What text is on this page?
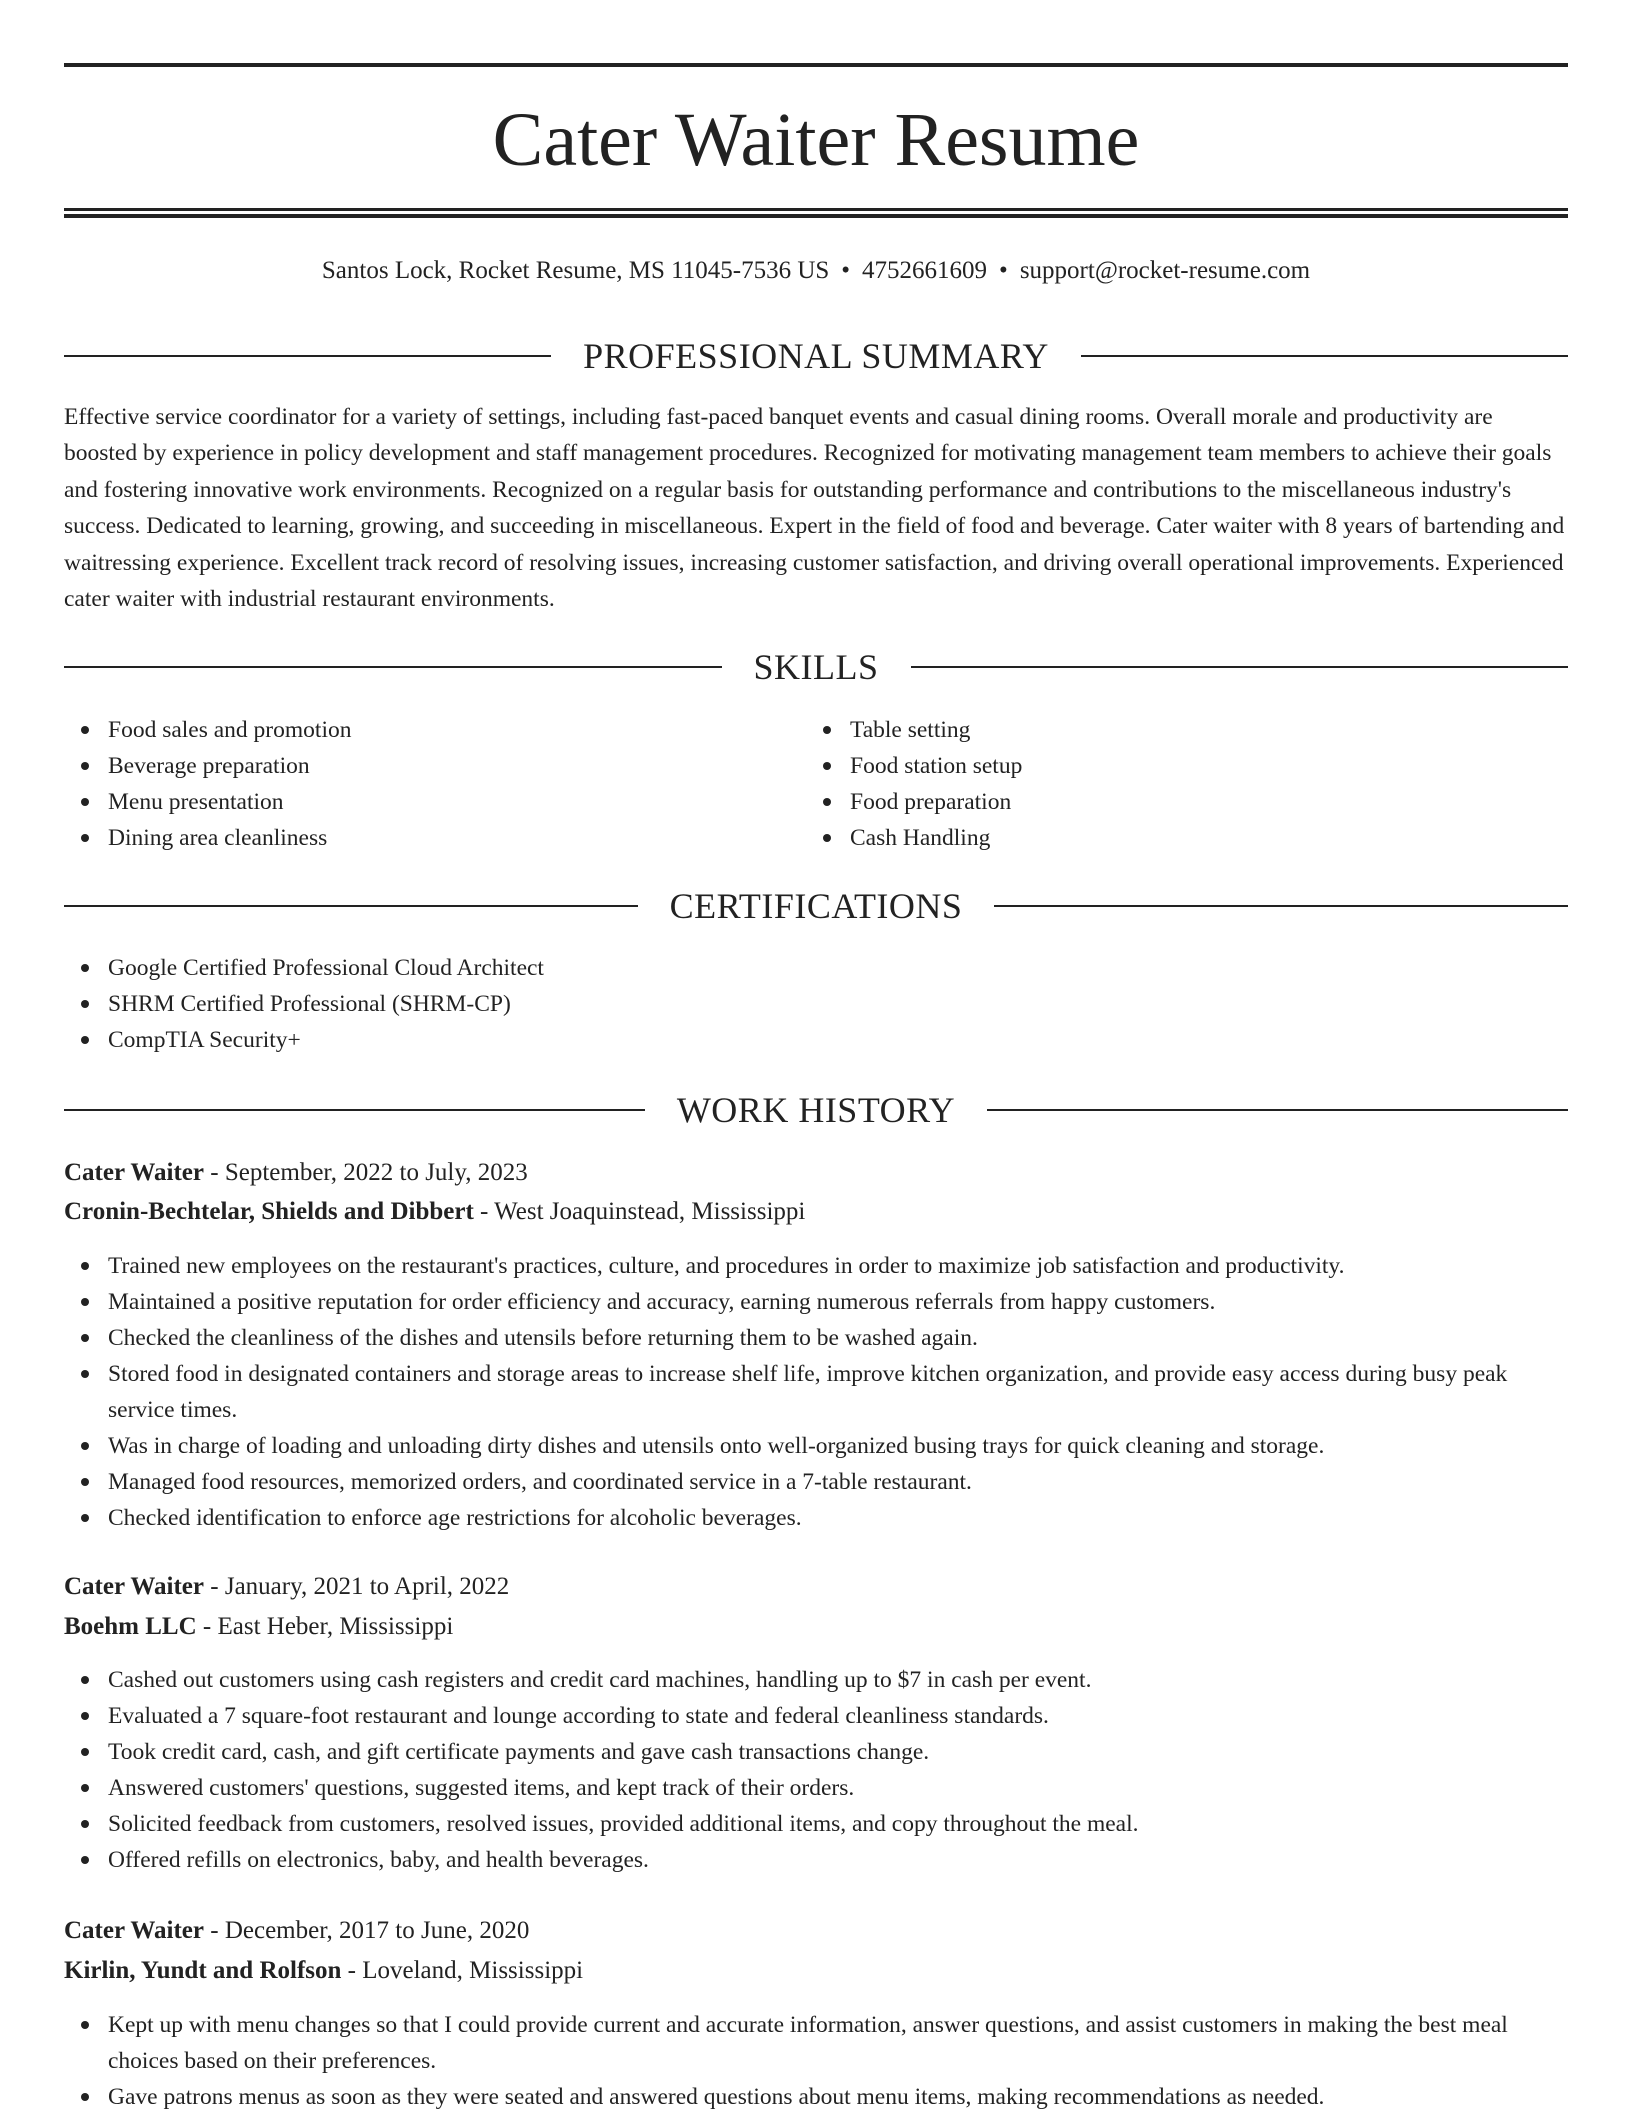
Cater Waiter Resume
Santos Lock, Rocket Resume, MS 11045-7536 US • 4752661609 • support@rocket-resume.com
PROFESSIONAL SUMMARY

Effective service coordinator for a variety of settings, including fast-paced banquet events and casual dining rooms. Overall morale and productivity are boosted by experience in policy development and staff management procedures. Recognized for motivating management team members to achieve their goals and fostering innovative work environments. Recognized on a regular basis for outstanding performance and contributions to the miscellaneous industry's success. Dedicated to learning, growing, and succeeding in miscellaneous. Expert in the field of food and beverage. Cater waiter with 8 years of bartending and waitressing experience. Excellent track record of resolving issues, increasing customer satisfaction, and driving overall operational improvements. Experienced cater waiter with industrial restaurant environments.

SKILLS
Food sales and promotion
Beverage preparation
Menu presentation
Dining area cleanliness
Table setting
Food station setup
Food preparation
Cash Handling
CERTIFICATIONS
Google Certified Professional Cloud Architect
SHRM Certified Professional (SHRM-CP)
CompTIA Security+
WORK HISTORY
Cater Waiter - September, 2022 to July, 2023
Cronin-Bechtelar, Shields and Dibbert - West Joaquinstead, Mississippi
Trained new employees on the restaurant's practices, culture, and procedures in order to maximize job satisfaction and productivity.
Maintained a positive reputation for order efficiency and accuracy, earning numerous referrals from happy customers.
Checked the cleanliness of the dishes and utensils before returning them to be washed again.
Stored food in designated containers and storage areas to increase shelf life, improve kitchen organization, and provide easy access during busy peak service times.
Was in charge of loading and unloading dirty dishes and utensils onto well-organized busing trays for quick cleaning and storage.
Managed food resources, memorized orders, and coordinated service in a 7-table restaurant.
Checked identification to enforce age restrictions for alcoholic beverages.
Cater Waiter - January, 2021 to April, 2022
Boehm LLC - East Heber, Mississippi
Cashed out customers using cash registers and credit card machines, handling up to $7 in cash per event.
Evaluated a 7 square-foot restaurant and lounge according to state and federal cleanliness standards.
Took credit card, cash, and gift certificate payments and gave cash transactions change.
Answered customers' questions, suggested items, and kept track of their orders.
Solicited feedback from customers, resolved issues, provided additional items, and copy throughout the meal.
Offered refills on electronics, baby, and health beverages.
Cater Waiter - December, 2017 to June, 2020
Kirlin, Yundt and Rolfson - Loveland, Mississippi
Kept up with menu changes so that I could provide current and accurate information, answer questions, and assist customers in making the best meal choices based on their preferences.
Gave patrons menus as soon as they were seated and answered questions about menu items, making recommendations as needed.
